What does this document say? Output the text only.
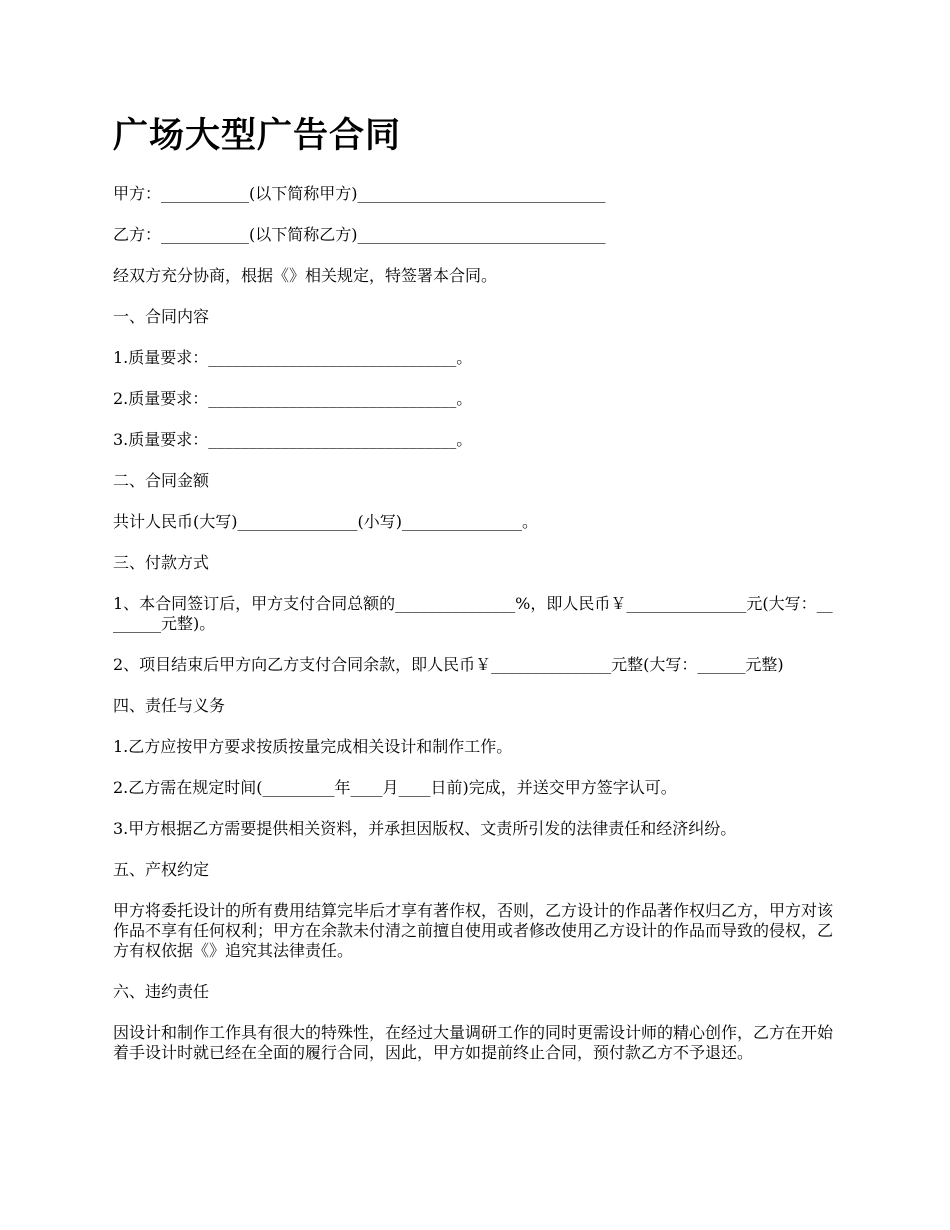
广场大型广告合同

甲方：___________(以下简称甲方)_______________________________

乙方：___________(以下简称乙方)_______________________________

经双方充分协商，根据《》相关规定，特签署本合同。

一、合同内容

1.质量要求：_______________________________。

2.质量要求：_______________________________。

3.质量要求：_______________________________。

二、合同金额

共计人民币(大写)_______________(小写)_______________。

三、付款方式

1、本合同签订后，甲方支付合同总额的_______________%，即人民币￥_______________元(大写：________元整)。

2、项目结束后甲方向乙方支付合同余款，即人民币￥_______________元整(大写：______元整)

四、责任与义务

1.乙方应按甲方要求按质按量完成相关设计和制作工作。

2.乙方需在规定时间(_________年____月____日前)完成，并送交甲方签字认可。

3.甲方根据乙方需要提供相关资料，并承担因版权、文责所引发的法律责任和经济纠纷。

五、产权约定

甲方将委托设计的所有费用结算完毕后才享有著作权，否则，乙方设计的作品著作权归乙方，甲方对该作品不享有任何权利；甲方在余款未付清之前擅自使用或者修改使用乙方设计的作品而导致的侵权，乙方有权依据《》追究其法律责任。

六、违约责任

因设计和制作工作具有很大的特殊性，在经过大量调研工作的同时更需设计师的精心创作，乙方在开始着手设计时就已经在全面的履行合同，因此，甲方如提前终止合同，预付款乙方不予退还。
